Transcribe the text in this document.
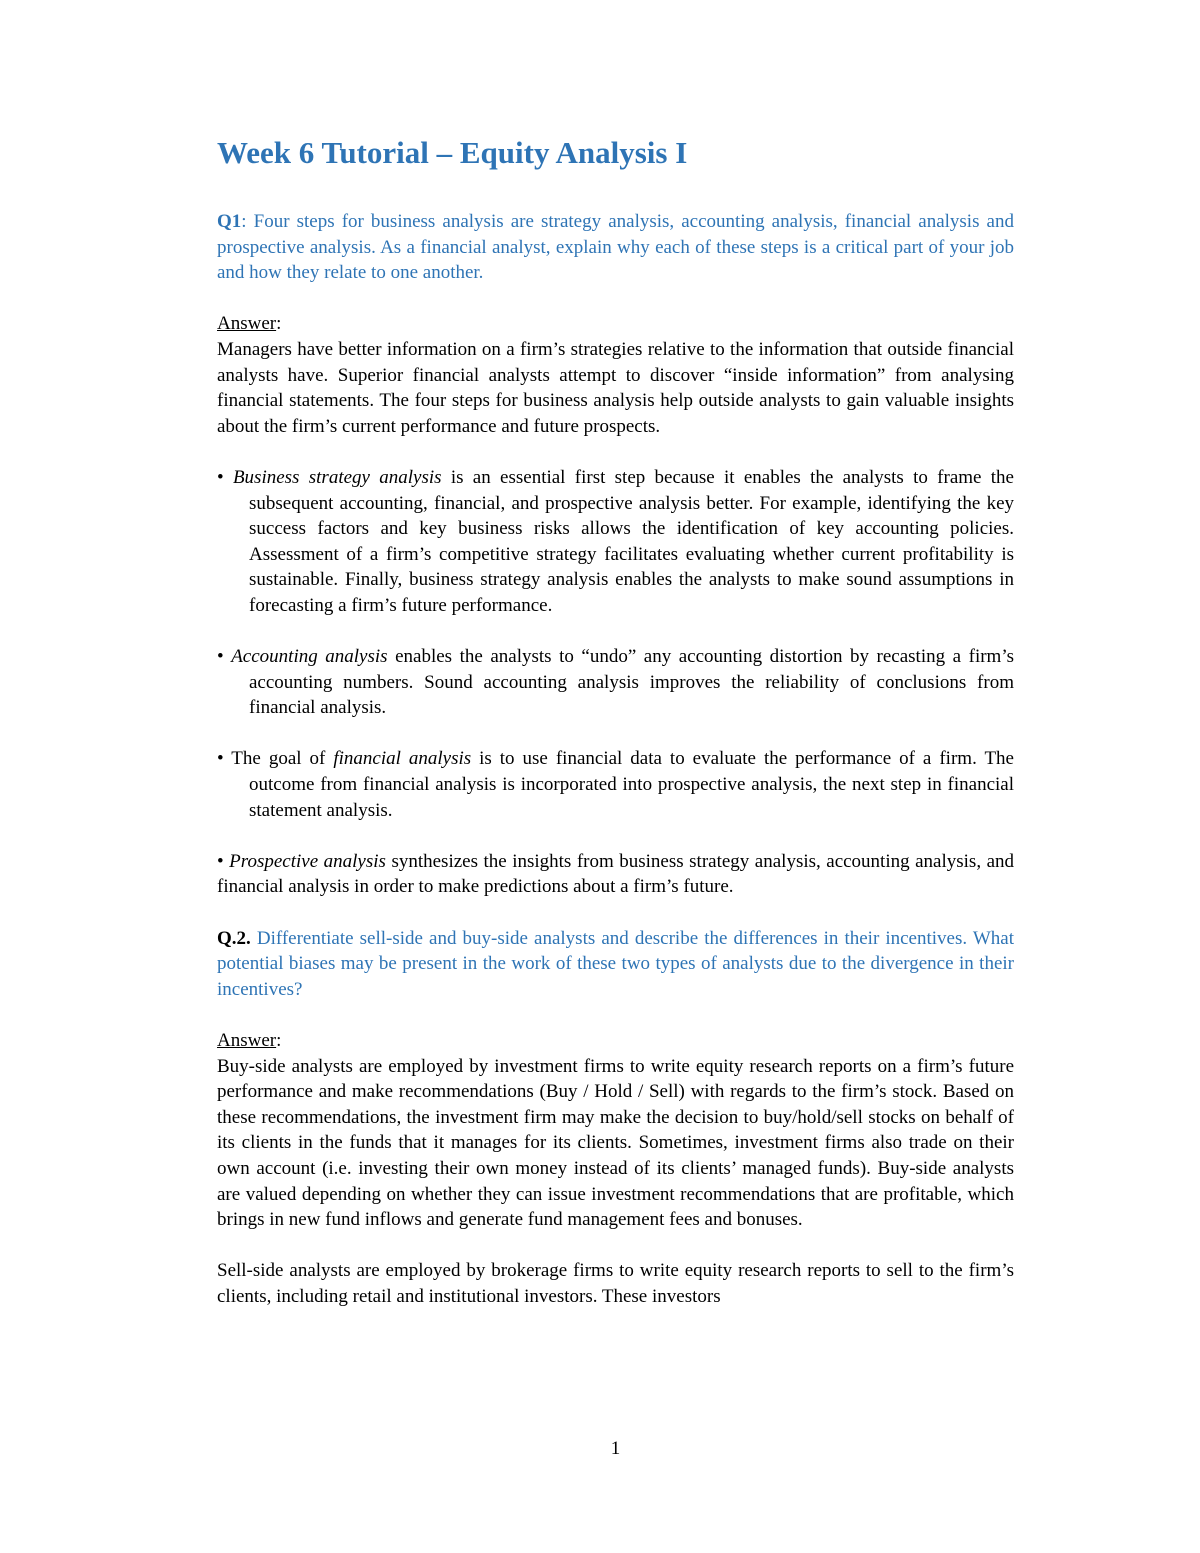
Week 6 Tutorial – Equity Analysis I

Q1: Four steps for business analysis are strategy analysis, accounting analysis, financial analysis and prospective analysis. As a financial analyst, explain why each of these steps is a critical part of your job and how they relate to one another.

Answer:

Managers have better information on a firm’s strategies relative to the information that outside financial analysts have. Superior financial analysts attempt to discover “inside information” from analysing financial statements. The four steps for business analysis help outside analysts to gain valuable insights about the firm’s current performance and future prospects.

• Business strategy analysis is an essential first step because it enables the analysts to frame the subsequent accounting, financial, and prospective analysis better. For example, identifying the key success factors and key business risks allows the identification of key accounting policies. Assessment of a firm’s competitive strategy facilitates evaluating whether current profitability is sustainable. Finally, business strategy analysis enables the analysts to make sound assumptions in forecasting a firm’s future performance.

• Accounting analysis enables the analysts to “undo” any accounting distortion by recasting a firm’s accounting numbers. Sound accounting analysis improves the reliability of conclusions from financial analysis.

• The goal of financial analysis is to use financial data to evaluate the performance of a firm. The outcome from financial analysis is incorporated into prospective analysis, the next step in financial statement analysis.

• Prospective analysis synthesizes the insights from business strategy analysis, accounting analysis, and financial analysis in order to make predictions about a firm’s future.

Q.2. Differentiate sell-side and buy-side analysts and describe the differences in their incentives. What potential biases may be present in the work of these two types of analysts due to the divergence in their incentives?

Answer:

Buy-side analysts are employed by investment firms to write equity research reports on a firm’s future performance and make recommendations (Buy / Hold / Sell) with regards to the firm’s stock. Based on these recommendations, the investment firm may make the decision to buy/hold/sell stocks on behalf of its clients in the funds that it manages for its clients. Sometimes, investment firms also trade on their own account (i.e. investing their own money instead of its clients’ managed funds). Buy-side analysts are valued depending on whether they can issue investment recommendations that are profitable, which brings in new fund inflows and generate fund management fees and bonuses.

Sell-side analysts are employed by brokerage firms to write equity research reports to sell to the firm’s clients, including retail and institutional investors. These investors

1
